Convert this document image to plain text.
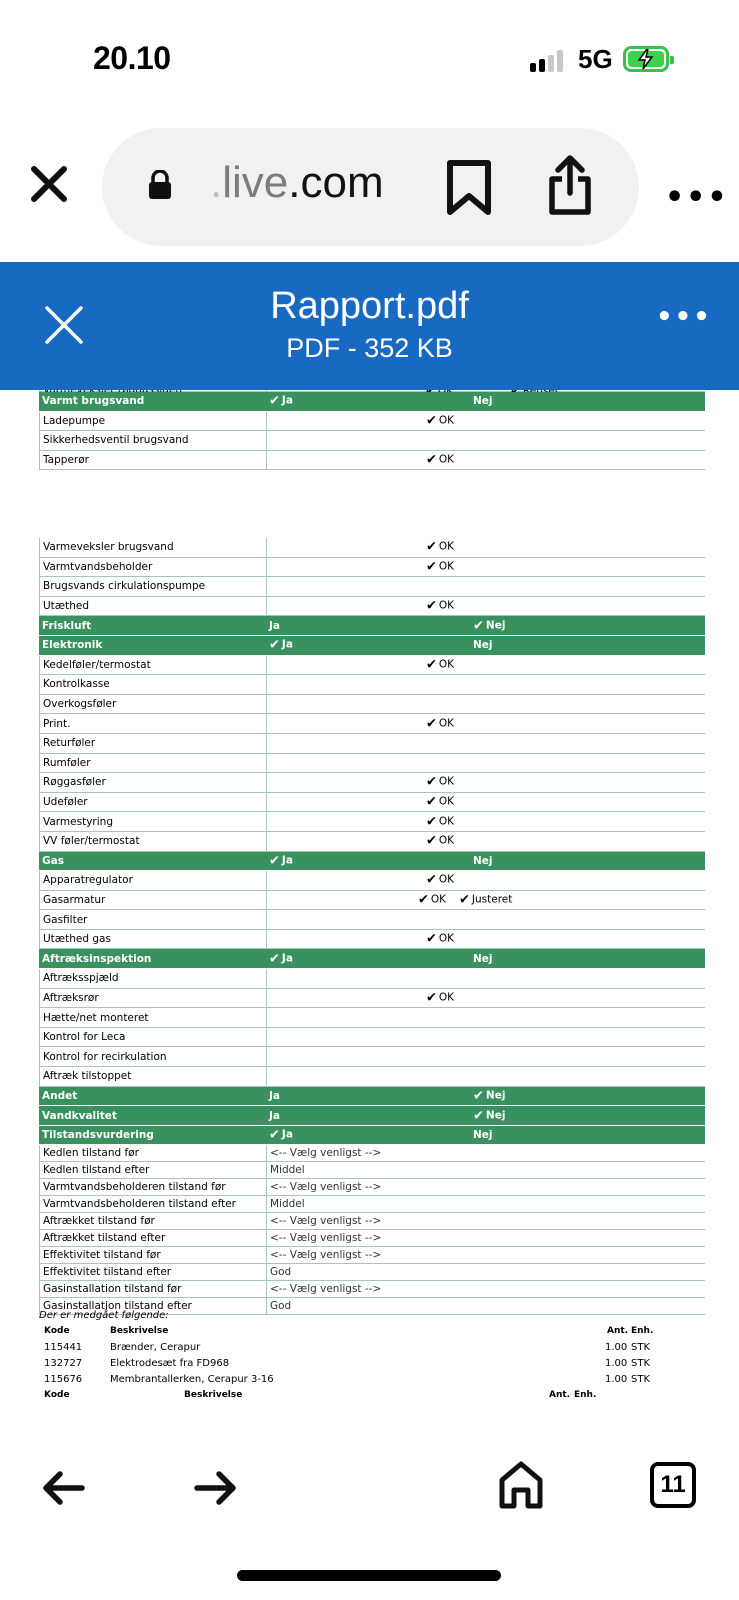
20.10	5G
.live.com	•••
Rapport.pdf
PDF - 352 KB
•••
Varmt brugsvand	✔ Ja	Nej
Ladepumpe	✔ OK
Sikkerhedsventil brugsvand
Tapperør	✔ OK
Varmeveksler brugsvand	✔ OK
Varmtvandsbeholder	✔ OK
Brugsvands cirkulationspumpe
Utæthed	✔ OK
Friskluft	Ja	✔ Nej
Elektronik	✔ Ja	Nej
Kedelføler/termostat	✔ OK
Kontrolkasse
Overkogsføler
Print.	✔ OK
Returføler
Rumføler
Røggasføler	✔ OK
Udeføler	✔ OK
Varmestyring	✔ OK
VV føler/termostat	✔ OK
Gas	✔ Ja	Nej
Apparatregulator	✔ OK
Gasarmatur	✔ OK ✔ Justeret
Gasfilter
Utæthed gas	✔ OK
Aftræksinspektion	✔ Ja	Nej
Aftræksspjæld
Aftræksrør	✔ OK
Hætte/net monteret
Kontrol for Leca
Kontrol for recirkulation
Aftræk tilstoppet
Andet	Ja	✔ Nej
Vandkvalitet	Ja	✔ Nej
Tilstandsvurdering	✔ Ja	Nej
Kedlen tilstand før	<-- Vælg venligst -->
Kedlen tilstand efter	Middel
Varmtvandsbeholderen tilstand før	<-- Vælg venligst -->
Varmtvandsbeholderen tilstand efter	Middel
Aftrækket tilstand før	<-- Vælg venligst -->
Aftrækket tilstand efter	<-- Vælg venligst -->
Effektivitet tilstand før	<-- Vælg venligst -->
Effektivitet tilstand efter	God
Gasinstallation tilstand før	<-- Vælg venligst -->
Gasinstallation tilstand efter	God
Der er medgået følgende:
Kode	Beskrivelse	Ant. Enh.
115441	Brænder, Cerapur	1.00 STK
132727	Elektrodesæt fra FD968	1.00 STK
115676	Membrantallerken, Cerapur 3-16	1.00 STK
Kode	Beskrivelse	Ant. Enh.
11
